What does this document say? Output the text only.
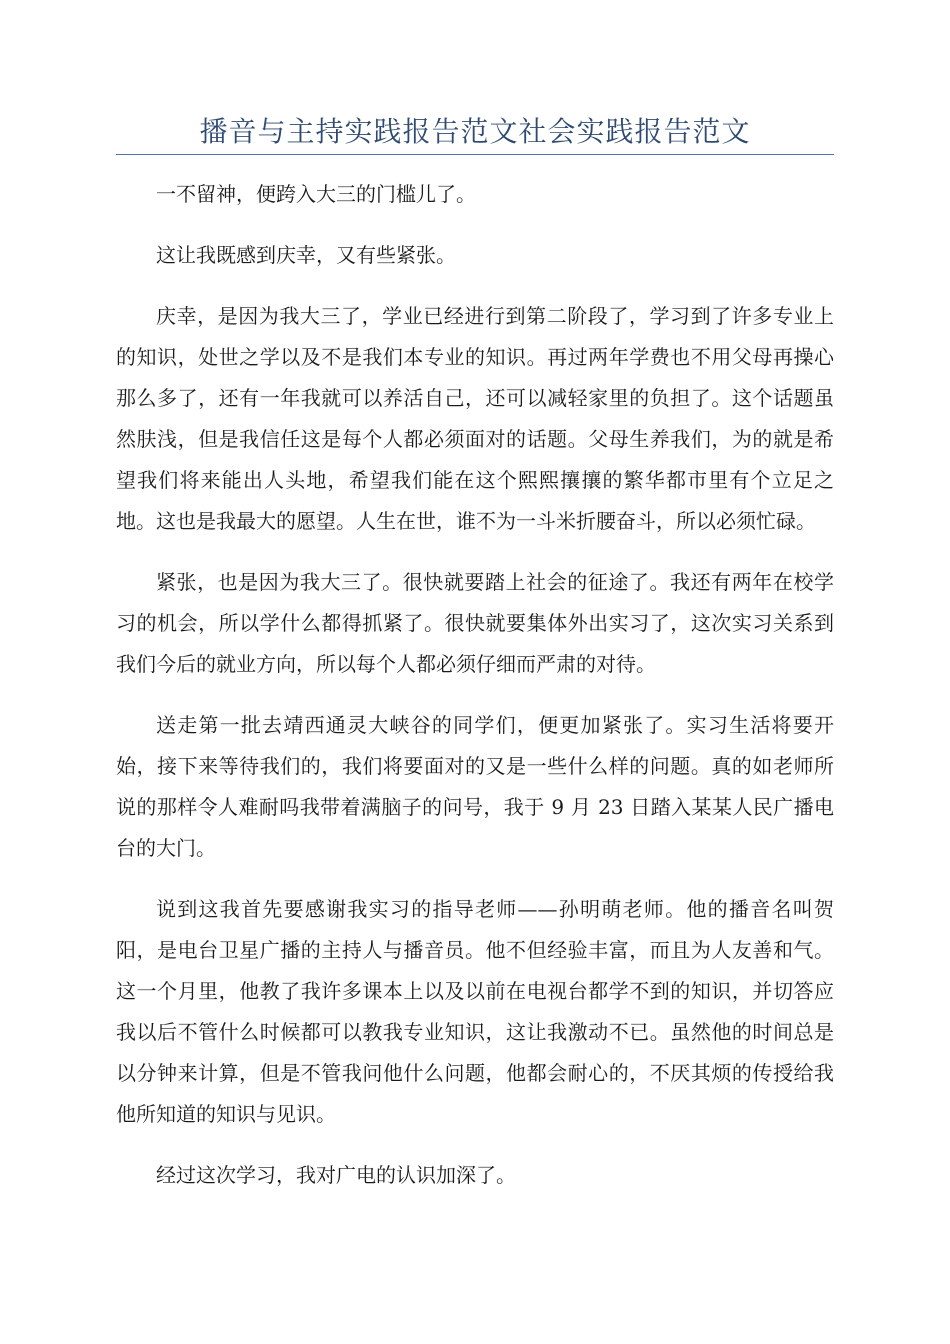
播音与主持实践报告范文社会实践报告范文

一不留神，便跨入大三的门槛儿了。

这让我既感到庆幸，又有些紧张。

庆幸，是因为我大三了，学业已经进行到第二阶段了，学习到了许多专业上的知识，处世之学以及不是我们本专业的知识。再过两年学费也不用父母再操心那么多了，还有一年我就可以养活自己，还可以减轻家里的负担了。这个话题虽然肤浅，但是我信任这是每个人都必须面对的话题。父母生养我们，为的就是希望我们将来能出人头地，希望我们能在这个熙熙攘攘的繁华都市里有个立足之地。这也是我最大的愿望。人生在世，谁不为一斗米折腰奋斗，所以必须忙碌。

紧张，也是因为我大三了。很快就要踏上社会的征途了。我还有两年在校学习的机会，所以学什么都得抓紧了。很快就要集体外出实习了，这次实习关系到我们今后的就业方向，所以每个人都必须仔细而严肃的对待。

送走第一批去靖西通灵大峡谷的同学们，便更加紧张了。实习生活将要开始，接下来等待我们的，我们将要面对的又是一些什么样的问题。真的如老师所说的那样令人难耐吗我带着满脑子的问号，我于 9 月 23 日踏入某某人民广播电台的大门。

说到这我首先要感谢我实习的指导老师——孙明萌老师。他的播音名叫贺阳，是电台卫星广播的主持人与播音员。他不但经验丰富，而且为人友善和气。这一个月里，他教了我许多课本上以及以前在电视台都学不到的知识，并切答应我以后不管什么时候都可以教我专业知识，这让我激动不已。虽然他的时间总是以分钟来计算，但是不管我问他什么问题，他都会耐心的，不厌其烦的传授给我他所知道的知识与见识。

经过这次学习，我对广电的认识加深了。
